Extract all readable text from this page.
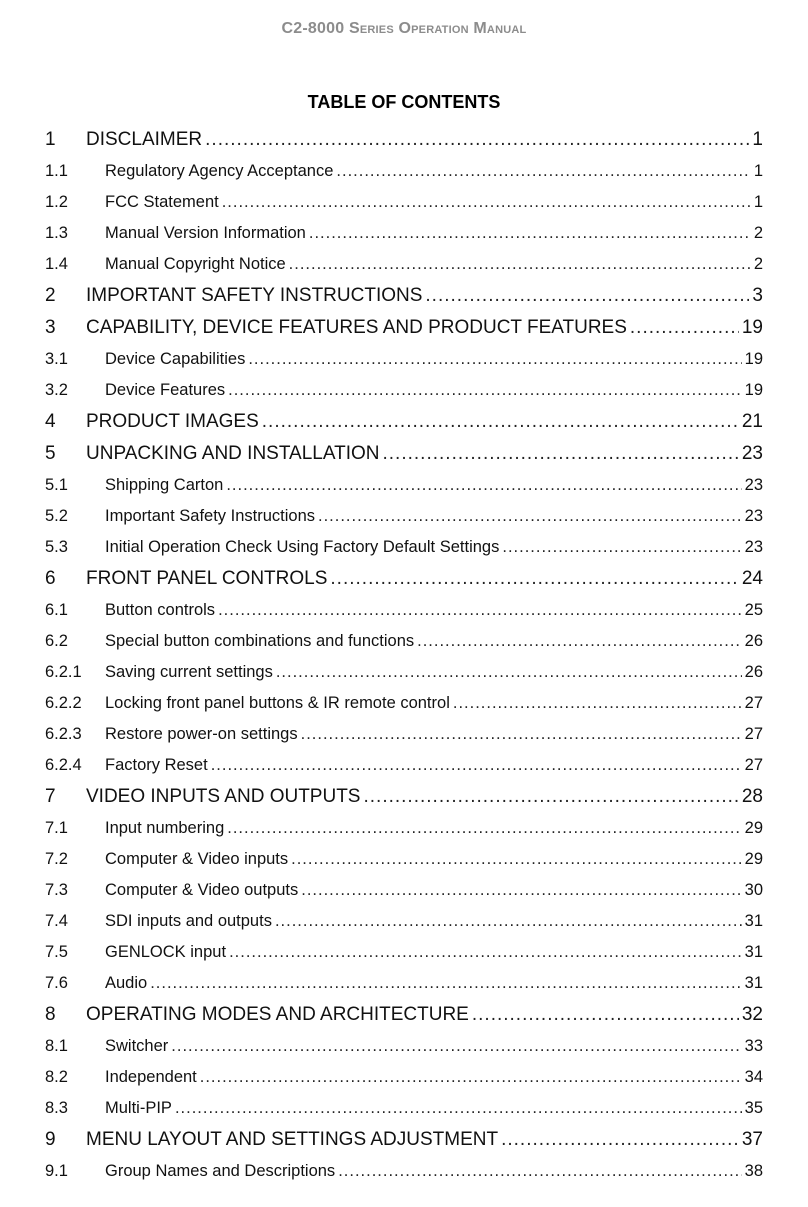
C2-8000 Series Operation Manual
TABLE OF CONTENTS
1	DISCLAIMER .....	1
1.1	Regulatory Agency Acceptance .....	1
1.2	FCC Statement .....	1
1.3	Manual Version Information .....	2
1.4	Manual Copyright Notice .....	2
2	IMPORTANT SAFETY INSTRUCTIONS .....	3
3	CAPABILITY, DEVICE FEATURES AND PRODUCT FEATURES .....	19
3.1	Device Capabilities .....	19
3.2	Device Features .....	19
4	PRODUCT IMAGES .....	21
5	UNPACKING AND INSTALLATION .....	23
5.1	Shipping Carton .....	23
5.2	Important Safety Instructions .....	23
5.3	Initial Operation Check Using Factory Default Settings .....	23
6	FRONT PANEL CONTROLS .....	24
6.1	Button controls .....	25
6.2	Special button combinations and functions .....	26
6.2.1	Saving current settings .....	26
6.2.2	Locking front panel buttons & IR remote control .....	27
6.2.3	Restore power-on settings .....	27
6.2.4	Factory Reset .....	27
7	VIDEO INPUTS AND OUTPUTS .....	28
7.1	Input numbering .....	29
7.2	Computer & Video inputs .....	29
7.3	Computer & Video outputs .....	30
7.4	SDI inputs and outputs .....	31
7.5	GENLOCK input .....	31
7.6	Audio .....	31
8	OPERATING MODES AND ARCHITECTURE .....	32
8.1	Switcher .....	33
8.2	Independent .....	34
8.3	Multi-PIP .....	35
9	MENU LAYOUT AND SETTINGS ADJUSTMENT .....	37
9.1	Group Names and Descriptions .....	38
